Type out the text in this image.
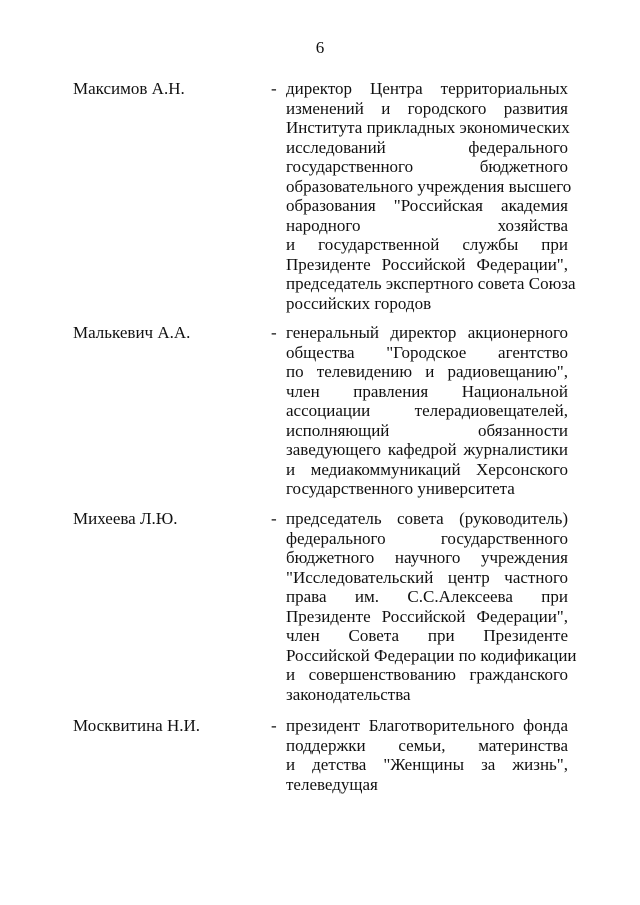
6
Максимов А.Н.	- директор Центра территориальных
изменений и городского развития
Института прикладных экономических
исследований федерального
государственного бюджетного
образовательного учреждения высшего
образования "Российская академия
народного хозяйства
и государственной службы при
Президенте Российской Федерации",
председатель экспертного совета Союза
российских городов
Малькевич А.А.	- генеральный директор акционерного
общества "Городское агентство
по телевидению и радиовещанию",
член правления Национальной
ассоциации телерадиовещателей,
исполняющий обязанности
заведующего кафедрой журналистики
и медиакоммуникаций Херсонского
государственного университета
Михеева Л.Ю.	- председатель совета (руководитель)
федерального государственного
бюджетного научного учреждения
"Исследовательский центр частного
права им. С.С.Алексеева при
Президенте Российской Федерации",
член Совета при Президенте
Российской Федерации по кодификации
и совершенствованию гражданского
законодательства
Москвитина Н.И.	- президент Благотворительного фонда
поддержки семьи, материнства
и детства "Женщины за жизнь",
телеведущая
